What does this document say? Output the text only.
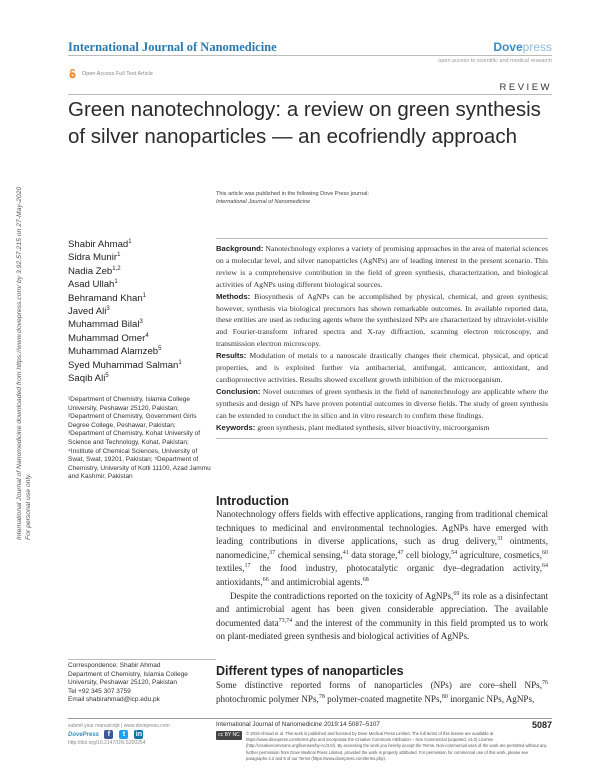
International Journal of Nanomedicine	Dovepress
open access to scientific and medical research
Open Access Full Text Article
REVIEW
Green nanotechnology: a review on green synthesis of silver nanoparticles — an ecofriendly approach
International Journal of Nanomedicine downloaded from https://www.dovepress.com/ by 3.92.57.215 on 27-May-2020 For personal use only.
This article was published in the following Dove Press journal:
International Journal of Nanomedicine
Shabir Ahmad$^1$
Sidra Munir$^1$
Nadia Zeb$^{1,2}$
Asad Ullah$^1$
Behramand Khan$^1$
Javed Ali$^3$
Muhammad Bilal$^3$
Muhammad Omer$^4$
Muhammad Alamzeb$^5$
Syed Muhammad Salman$^1$
Saqib Ali$^5$
¹Department of Chemistry, Islamia College University, Peshawar 25120, Pakistan; ²Department of Chemistry, Government Girls Degree College, Peshawar, Pakistan; ³Department of Chemistry, Kohat University of Science and Technology, Kohat, Pakistan; ⁴Institute of Chemical Sciences, University of Swat, Swat, 19201, Pakistan; ⁵Department of Chemistry, University of Kotli 11100, Azad Jammu and Kashmir, Pakistan

Background: Nanotechnology explores a variety of promising approaches in the area of material sciences on a molecular level, and silver nanoparticles (AgNPs) are of leading interest in the present scenario. This review is a comprehensive contribution in the field of green synthesis, characterization, and biological activities of AgNPs using different biological sources.

Methods: Biosynthesis of AgNPs can be accomplished by physical, chemical, and green synthesis; however, synthesis via biological precursors has shown remarkable outcomes. In available reported data, these entities are used as reducing agents where the synthesized NPs are characterized by ultraviolet-visible and Fourier-transform infrared spectra and X-ray diffraction, scanning electron microscopy, and transmission electron microscopy.

Results: Modulation of metals to a nanoscale drastically changes their chemical, physical, and optical properties, and is exploited further via antibacterial, antifungal, anticancer, antioxidant, and cardioprotective activities. Results showed excellent growth inhibition of the microorganism.

Conclusion: Novel outcomes of green synthesis in the field of nanotechnology are applicable where the synthesis and design of NPs have proven potential outcomes in diverse fields. The study of green synthesis can be extended to conduct the in silico and in vitro research to confirm these findings.

Keywords: green synthesis, plant mediated synthesis, silver bioactivity, microorganism

Introduction

Nanotechnology offers fields with effective applications, ranging from traditional chemical techniques to medicinal and environmental technologies. AgNPs have emerged with leading contributions in diverse applications, such as drug delivery,$^{31}$ ointments, nanomedicine,$^{37}$ chemical sensing,$^{41}$ data storage,$^{47}$ cell biology,$^{54}$ agriculture, cosmetics,$^{60}$ textiles,$^{17}$ the food industry, photocatalytic organic dye–degradation activity,$^{64}$ antioxidants,$^{66}$ and antimicrobial agents.$^{68}$

Despite the contradictions reported on the toxicity of AgNPs,$^{69}$ its role as a disinfectant and antimicrobial agent has been given considerable appreciation. The available documented data$^{73,74}$ and the interest of the community in this field prompted us to work on plant-mediated green synthesis and biological activities of AgNPs.

Different types of nanoparticles

Some distinctive reported forms of nanoparticles (NPs) are core–shell NPs,$^{76}$ photochromic polymer NPs,$^{78}$ polymer-coated magnetite NPs,$^{80}$ inorganic NPs, AgNPs,

Correspondence: Shabir Ahmad
Department of Chemistry, Islamia College
University, Peshawar 25120, Pakistan
Tel +92 345 307 3759
Email shabirahmad@icp.edu.pk
submit your manuscript | www.dovepress.com
DovePress	f	t	in
http://doi.org/10.2147/IJN.S200254
International Journal of Nanomedicine 2019:14 5087–5107	5087
cc BY NC	© 2019 Ahmad et al. This work is published and licensed by Dove Medical Press Limited. The full terms of this license are available at https://www.dovepress.com/terms.php and incorporate the Creative Commons Attribution – Non Commercial (unported, v3.0) License (http://creativecommons.org/licenses/by-nc/3.0/). By accessing the work you hereby accept the Terms. Non-commercial uses of the work are permitted without any further permission from Dove Medical Press Limited, provided the work is properly attributed. For permission for commercial use of this work, please see paragraphs 4.2 and 5 of our Terms (https://www.dovepress.com/terms.php).
